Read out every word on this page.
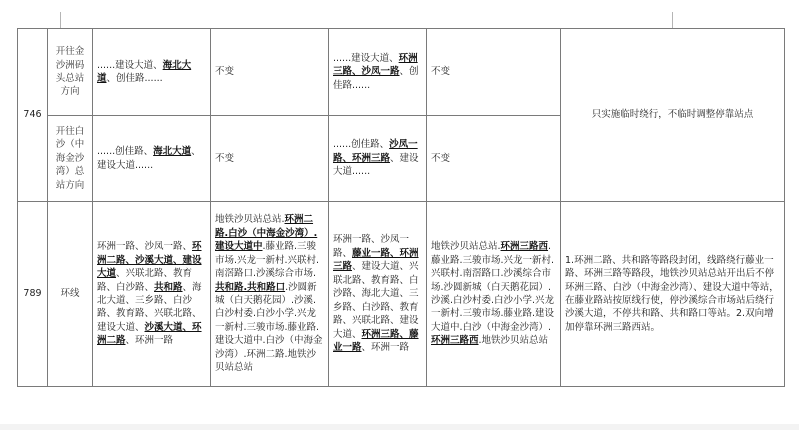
746	开往金沙洲码头总站方向	......建设大道、海北大道、创佳路......	不变	......建设大道、环洲三路、沙凤一路、创佳路......	不变	只实施临时绕行，不临时调整停靠站点
	开往白沙（中海金沙湾）总站方向	......创佳路、海北大道、建设大道......	不变	......创佳路、沙凤一路、环洲三路、建设大道......	不变	
789	环线	环洲一路、沙凤一路、环洲二路、沙溪大道、建设大道、兴联北路、教育路、白沙路、共和路、海北大道、三乡路、白沙路、教育路、兴联北路、建设大道、沙溪大道、环洲二路、环洲一路	地铁沙贝站总站.环洲二路.白沙（中海金沙湾）.建设大道中.藤业路.三骏市场.兴龙一新村.兴联村.南滘路口.沙溪综合市场.共和路.共和路口.沙圆新城（白天鹅花园）.沙溪.白沙村委.白沙小学.兴龙一新村.三骏市场.藤业路.建设大道中.白沙（中海金沙湾）.环洲二路.地铁沙贝站总站	环洲一路、沙凤一路、藤业一路、环洲三路、建设大道、兴联北路、教育路、白沙路、海北大道、三乡路、白沙路、教育路、兴联北路、建设大道、环洲三路、藤业一路、环洲一路	地铁沙贝站总站.环洲三路西.藤业路.三骏市场.兴龙一新村.兴联村.南滘路口.沙溪综合市场.沙圆新城（白天鹅花园）.沙溪.白沙村委.白沙小学.兴龙一新村.三骏市场.藤业路.建设大道中.白沙（中海金沙湾）.环洲三路西.地铁沙贝站总站	1.环洲二路、共和路等路段封闭，线路绕行藤业一路、环洲三路等路段，地铁沙贝站总站开出后不停环洲三路、白沙（中海金沙湾）、建设大道中等站，在藤业路站按原线行使，停沙溪综合市场站后绕行沙溪大道，不停共和路、共和路口等站。2.双向增加停靠环洲三路西站。
